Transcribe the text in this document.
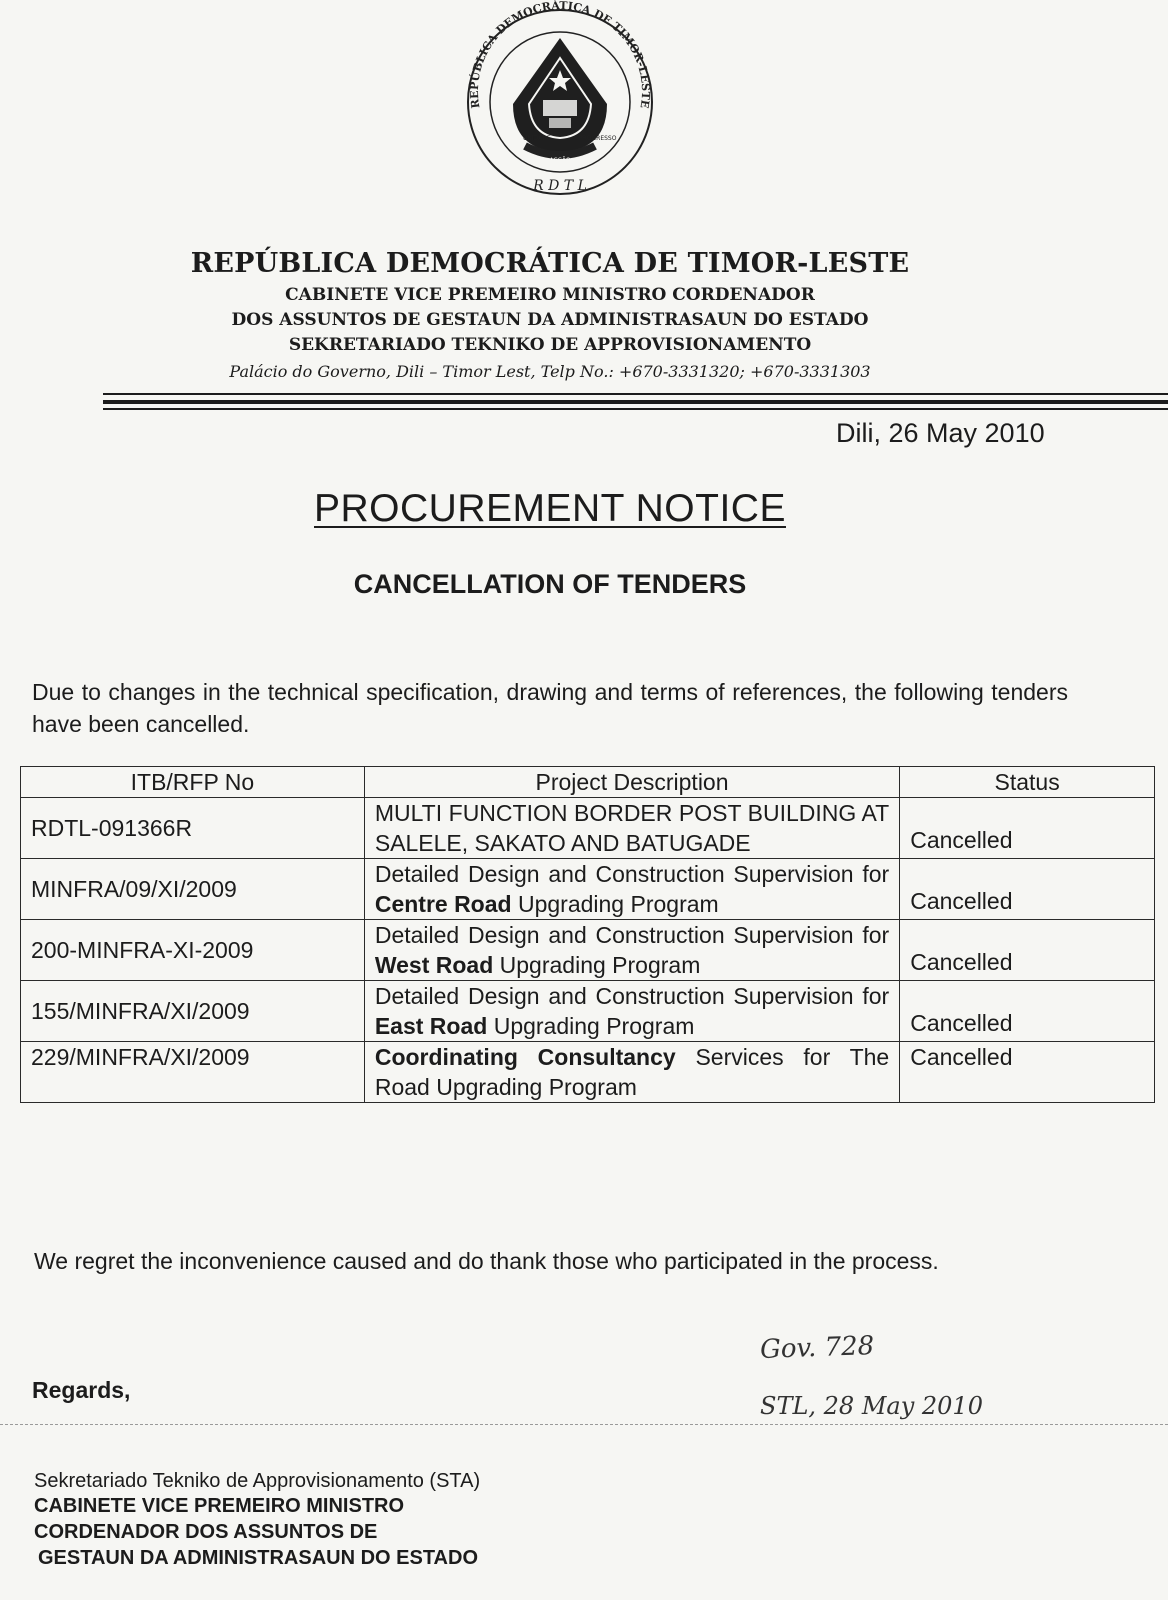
REPÚBLICA DEMOCRÁTICA DE TIMOR-LESTE
UNIDADE
ACÇÃO
PROGRESSO
R D T L
REPÚBLICA DEMOCRÁTICA DE TIMOR-LESTE
CABINETE VICE PREMEIRO MINISTRO CORDENADOR
DOS ASSUNTOS DE GESTAUN DA ADMINISTRASAUN DO ESTADO
SEKRETARIADO TEKNIKO DE APPROVISIONAMENTO
Palácio do Governo, Dili – Timor Lest, Telp No.: +670-3331320; +670-3331303
Dili, 26 May 2010
PROCUREMENT NOTICE
CANCELLATION OF TENDERS
Due to changes in the technical specification, drawing and terms of references, the following tenders have been cancelled.
ITB/RFP No	Project Description	Status
RDTL-091366R	MULTI FUNCTION BORDER POST BUILDING AT SALELE, SAKATO AND BATUGADE	Cancelled
MINFRA/09/XI/2009	Detailed Design and Construction Supervision for Centre Road Upgrading Program	Cancelled
200-MINFRA-XI-2009	Detailed Design and Construction Supervision for West Road Upgrading Program	Cancelled
155/MINFRA/XI/2009	Detailed Design and Construction Supervision for East Road Upgrading Program	Cancelled
229/MINFRA/XI/2009	Coordinating Consultancy Services for The Road Upgrading Program	Cancelled
We regret the inconvenience caused and do thank those who participated in the process.
Regards,
Gov. 728
STL, 28 May 2010
Sekretariado Tekniko de Approvisionamento (STA)
CABINETE VICE PREMEIRO MINISTRO
CORDENADOR DOS ASSUNTOS DE
GESTAUN DA ADMINISTRASAUN DO ESTADO
